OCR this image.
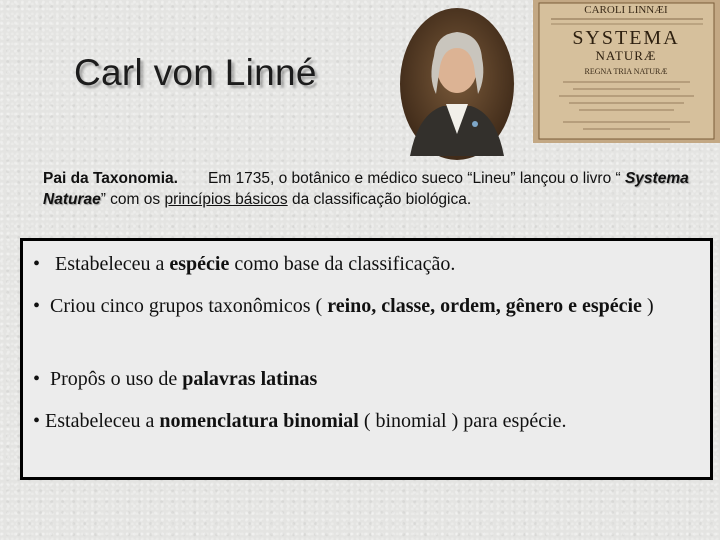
Carl von Linné
CAROLI LINNÆI
SYSTEMA
NATURÆ
REGNA TRIA NATURÆ
Pai da Taxonomia. Em 1735, o botânico e médico sueco “Lineu” lançou o livro “ Systema Naturae” com os princípios básicos da classificação biológica.
• Estabeleceu a espécie como base da classificação.
• Criou cinco grupos taxonômicos ( reino, classe, ordem, gênero e espécie )
• Propôs o uso de palavras latinas
• Estabeleceu a nomenclatura binomial ( binomial ) para espécie.
